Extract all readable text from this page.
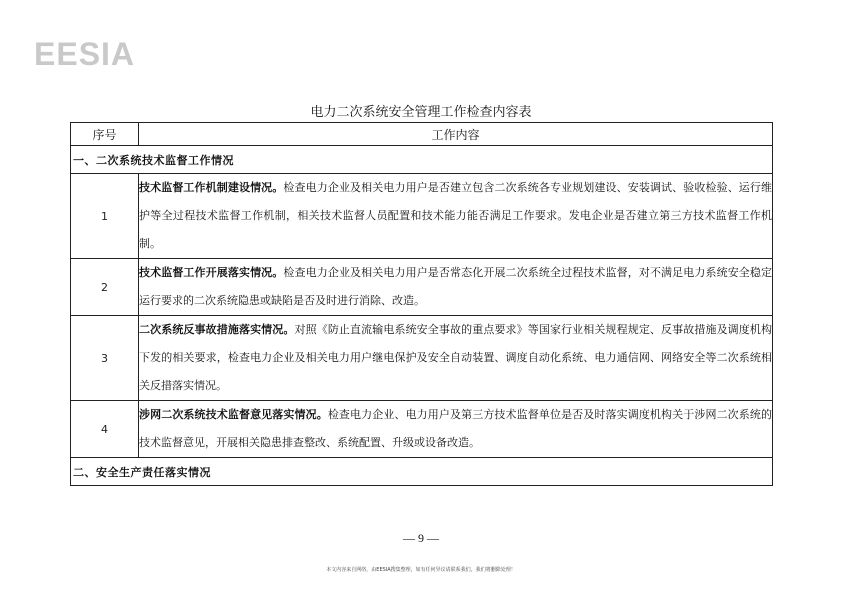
EESIA
电力二次系统安全管理工作检查内容表
序号	工作内容
一、二次系统技术监督工作情况	
1	技术监督工作机制建设情况。检查电力企业及相关电力用户是否建立包含二次系统各专业规划建设、安装调试、验收检验、运行维护等全过程技术监督工作机制，相关技术监督人员配置和技术能力能否满足工作要求。发电企业是否建立第三方技术监督工作机制。
2	技术监督工作开展落实情况。检查电力企业及相关电力用户是否常态化开展二次系统全过程技术监督，对不满足电力系统安全稳定运行要求的二次系统隐患或缺陷是否及时进行消除、改造。
3	二次系统反事故措施落实情况。对照《防止直流输电系统安全事故的重点要求》等国家行业相关规程规定、反事故措施及调度机构下发的相关要求，检查电力企业及相关电力用户继电保护及安全自动装置、调度自动化系统、电力通信网、网络安全等二次系统相关反措落实情况。
4	涉网二次系统技术监督意见落实情况。检查电力企业、电力用户及第三方技术监督单位是否及时落实调度机构关于涉网二次系统的技术监督意见，开展相关隐患排查整改、系统配置、升级或设备改造。
二、安全生产责任落实情况	
— 9 —
本文内容来自网络，由EESIA搜集整理，如有任何异议请联系我们，我们将删除处理！
